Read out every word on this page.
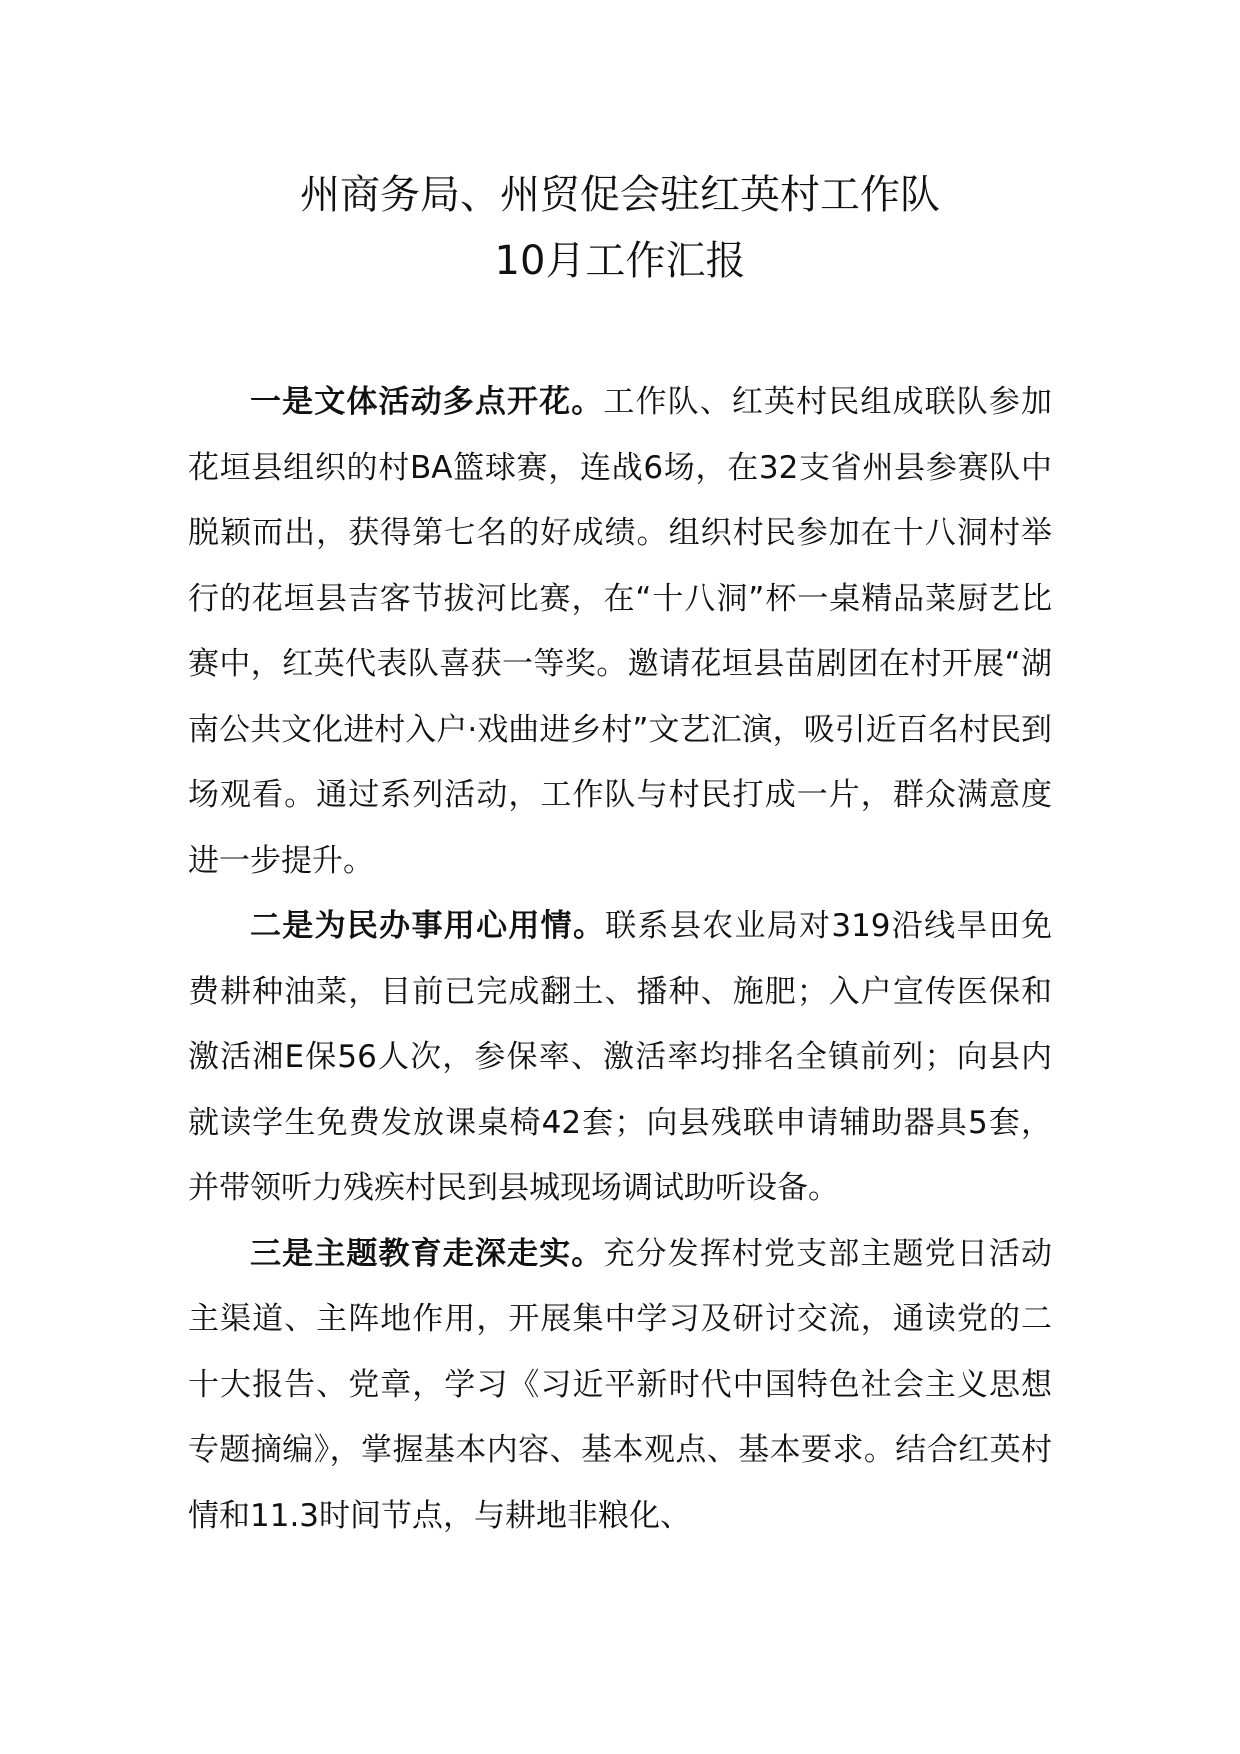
州商务局、州贸促会驻红英村工作队
10月工作汇报

一是文体活动多点开花。工作队、红英村民组成联队参加花垣县组织的村BA篮球赛，连战6场，在32支省州县参赛队中脱颖而出，获得第七名的好成绩。组织村民参加在十八洞村举行的花垣县吉客节拔河比赛，在“十八洞”杯一桌精品菜厨艺比赛中，红英代表队喜获一等奖。邀请花垣县苗剧团在村开展“湖南公共文化进村入户·戏曲进乡村”文艺汇演，吸引近百名村民到场观看。通过系列活动，工作队与村民打成一片，群众满意度进一步提升。

二是为民办事用心用情。联系县农业局对319沿线旱田免费耕种油菜，目前已完成翻土、播种、施肥；入户宣传医保和激活湘E保56人次，参保率、激活率均排名全镇前列；向县内就读学生免费发放课桌椅42套；向县残联申请辅助器具5套，并带领听力残疾村民到县城现场调试助听设备。

三是主题教育走深走实。充分发挥村党支部主题党日活动主渠道、主阵地作用，开展集中学习及研讨交流，通读党的二十大报告、党章，学习《习近平新时代中国特色社会主义思想专题摘编》，掌握基本内容、基本观点、基本要求。结合红英村情和11.3时间节点，与耕地非粮化、
